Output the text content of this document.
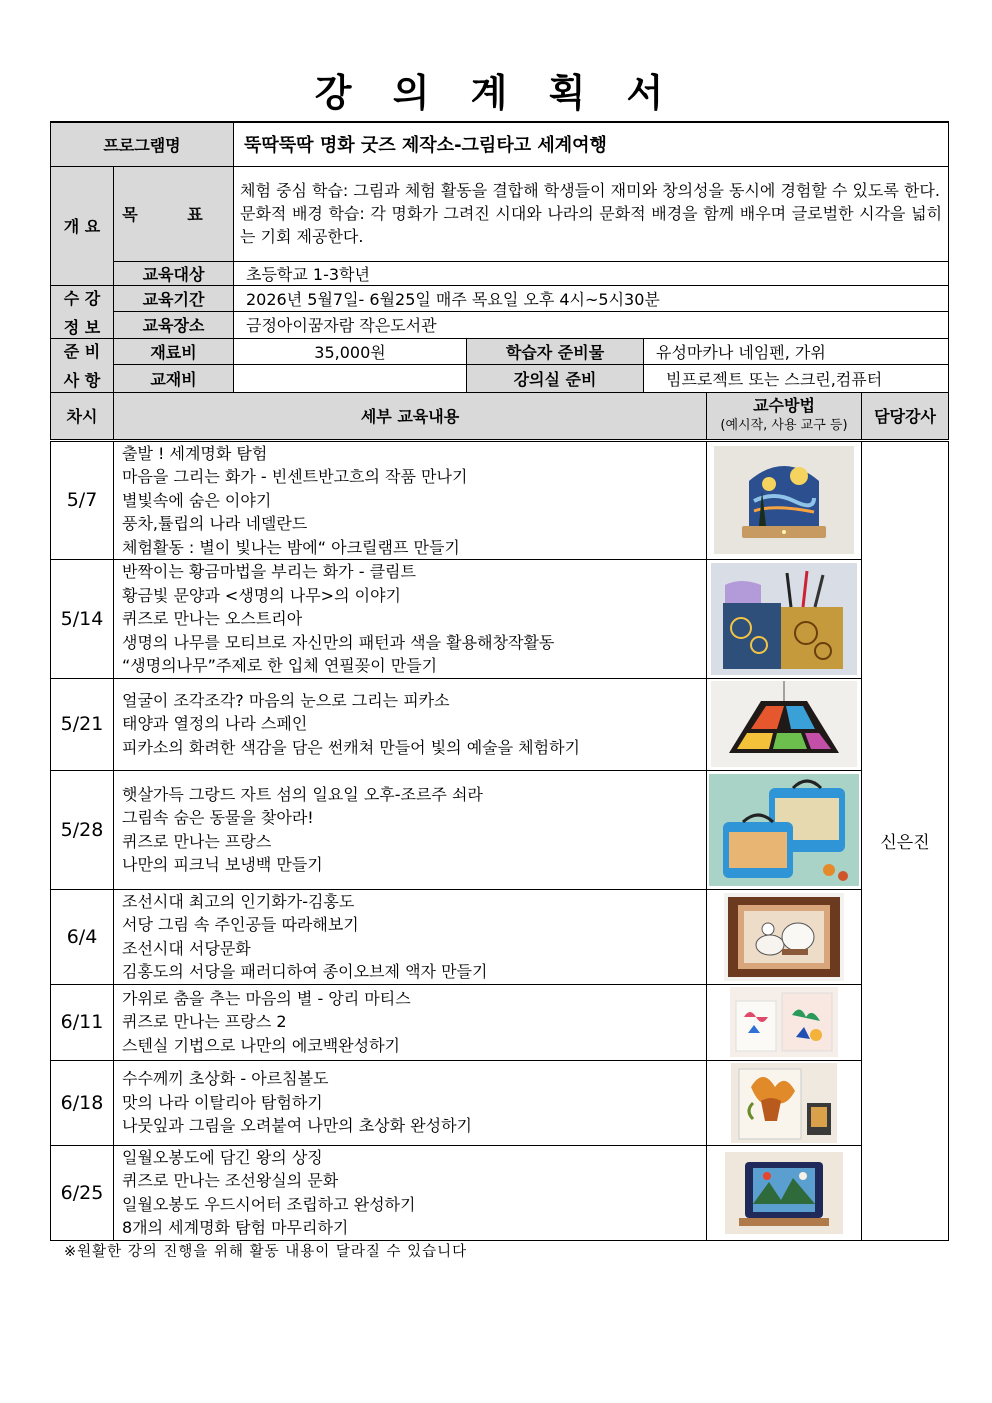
강 의 계 획 서
프로그램명		뚝딱뚝딱 명화 굿즈 제작소-그림타고 세계여행				
개 요	목 표	체험 중심 학습: 그림과 체험 활동을 결합해 학생들이 재미와 창의성을 동시에 경험할 수 있도록 한다.
문화적 배경 학습: 각 명화가 그려진 시대와 나라의 문화적 배경을 함께 배우며 글로벌한 시각을 넓히는 기회 제공한다.				

	교육대상	초등학교 1-3학년				

수 강
정 보	교육기간	2026년 5월7일- 6월25일 매주 목요일 오후 4시~5시30분				
	교육장소	금정아이꿈자람 작은도서관				

준 비
사 항	재료비	35,000원	학습자 준비물	유성마카나 네임펜, 가위		
	교재비		강의실 준비	빔프로젝트 또는 스크린,컴퓨터		
차시	세부 교육내용				교수방법
(예시작, 사용 교구 등)	담당강사
5/7	출발 ! 세계명화 탐험
마음을 그리는 화가 - 빈센트반고흐의 작품 만나기
별빛속에 숨은 이야기
풍차,튤립의 나라 네델란드
체험활동 : 별이 빛나는 밤에“ 아크릴램프 만들기					신은진
5/14	반짝이는 황금마법을 부리는 화가 - 클림트
황금빛 문양과 <생명의 나무>의 이야기
퀴즈로 만나는 오스트리아
생명의 나무를 모티브로 자신만의 패턴과 색을 활용해창작활동
“생명의나무”주제로 한 입체 연필꽂이 만들기

5/21	얼굴이 조각조각? 마음의 눈으로 그리는 피카소
태양과 열정의 나라 스페인
피카소의 화려한 색감을 담은 썬캐쳐 만들어 빛의 예술을 체험하기

5/28	햇살가득 그랑드 자트 섬의 일요일 오후-조르주 쇠라
그림속 숨은 동물을 찾아라!
퀴즈로 만나는 프랑스
나만의 피크닉 보냉백 만들기

6/4	조선시대 최고의 인기화가-김홍도
서당 그림 속 주인공들 따라해보기
조선시대 서당문화
김홍도의 서당을 패러디하여 종이오브제 액자 만들기

6/11	가위로 춤을 추는 마음의 별 - 앙리 마티스
퀴즈로 만나는 프랑스 2
스텐실 기법으로 나만의 에코백완성하기

6/18	수수께끼 초상화 - 아르침볼도
맛의 나라 이탈리아 탐험하기
나뭇잎과 그림을 오려붙여 나만의 초상화 완성하기

6/25	일월오봉도에 담긴 왕의 상징
퀴즈로 만나는 조선왕실의 문화
일월오봉도 우드시어터 조립하고 완성하기
8개의 세계명화 탐험 마무리하기

※원활한 강의 진행을 위해 활동 내용이 달라질 수 있습니다
